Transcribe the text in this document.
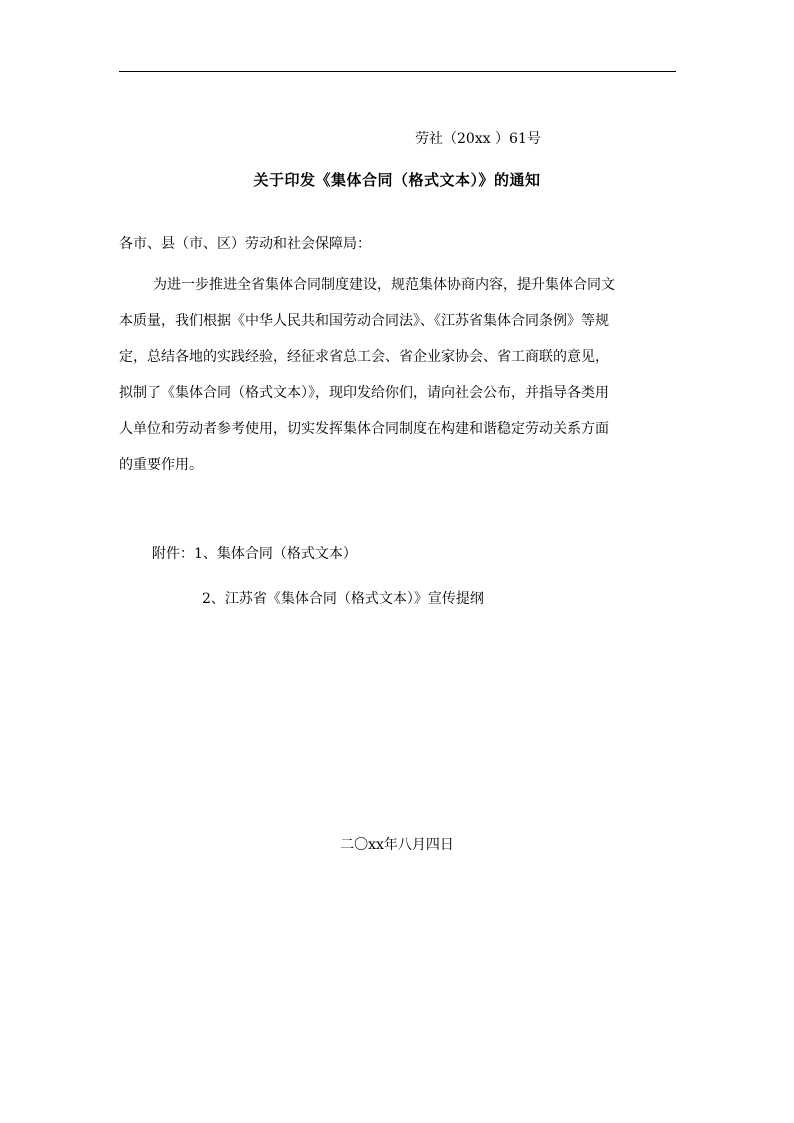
劳社（20xx ）61号
关于印发《集体合同（格式文本）》的通知
各市、县（市、区）劳动和社会保障局：
为进一步推进全省集体合同制度建设，规范集体协商内容，提升集体合同文
本质量，我们根据《中华人民共和国劳动合同法》、《江苏省集体合同条例》等规
定，总结各地的实践经验，经征求省总工会、省企业家协会、省工商联的意见，
拟制了《集体合同（格式文本）》，现印发给你们，请向社会公布，并指导各类用
人单位和劳动者参考使用，切实发挥集体合同制度在构建和谐稳定劳动关系方面
的重要作用。
附件：1、集体合同（格式文本）
2、江苏省《集体合同（格式文本）》宣传提纲
二〇xx年八月四日
